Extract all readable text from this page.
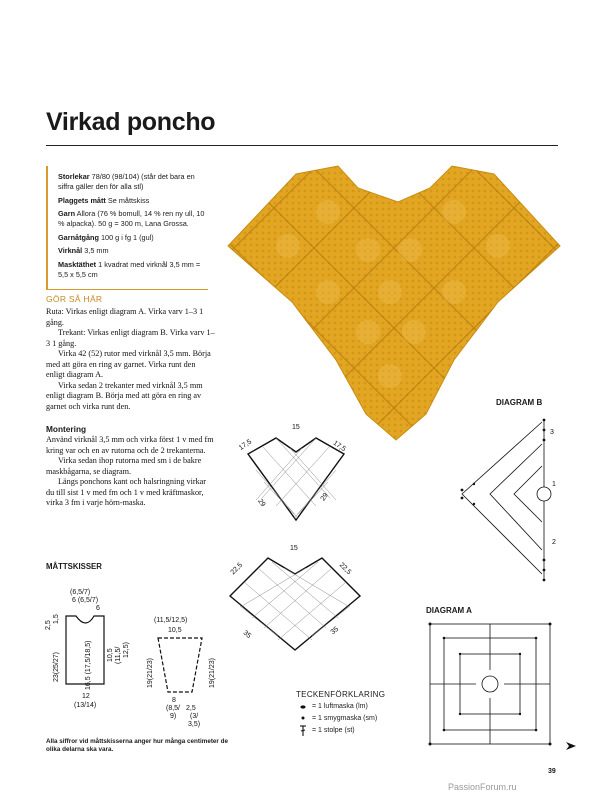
Virkad poncho

Storlekar 78/80 (98/104) (står det bara en siffra gäller den för alla stl)

Plaggets mått Se måttskiss

Garn Allora (76 % bomull, 14 % ren ny ull, 10 % alpacka). 50 g = 300 m, Lana Grossa.

Garnåtgång 100 g i fg 1 (gul)

Virknål 3,5 mm

Masktäthet 1 kvadrat med virknål 3,5 mm = 5,5 x 5,5 cm

GÖR SÅ HÄR

Ruta: Virkas enligt diagram A. Virka varv 1–3 1 gång.

Trekant: Virkas enligt diagram B. Virka varv 1–3 1 gång.

Virka 42 (52) rutor med virknål 3,5 mm. Börja med att göra en ring av garnet. Virka runt den enligt diagram A.

Virka sedan 2 trekanter med virknål 3,5 mm enligt diagram B. Börja med att göra en ring av garnet och virka runt den.

Montering

Använd virknål 3,5 mm och virka först 1 v med fm kring var och en av rutorna och de 2 trekanterna.

Virka sedan ihop rutorna med sm i de bakre maskbågarna, se diagram.

Längs ponchons kant och halsringning virkar du till sist 1 v med fm och 1 v med kräftmaskor, virka 3 fm i varje hörn-maska.

15
17,5	17,5
29
29
15
22,5	22,5
35	35
DIAGRAM B
3
1
2
DIAGRAM A
MÅTTSKISSER
(6,5/7)
6 (6,5/7)
6
2,5
1,5
23(25/27)	16,5 (17,5/18,5) 10,5 (11,5/ 12,5)
12
(13/14)
(11,5/12,5)
10,5
19(21/23)	19(21/23)
8
(8,5/
9)
2,5
(3/
3,5)
TECKENFÖRKLARING
= 1 luftmaska (lm)
= 1 smygmaska (sm)
= 1 stolpe (st)
Alla siffror vid måttskisserna anger hur många centimeter de olika delarna ska vara.
39
PassionForum.ru
